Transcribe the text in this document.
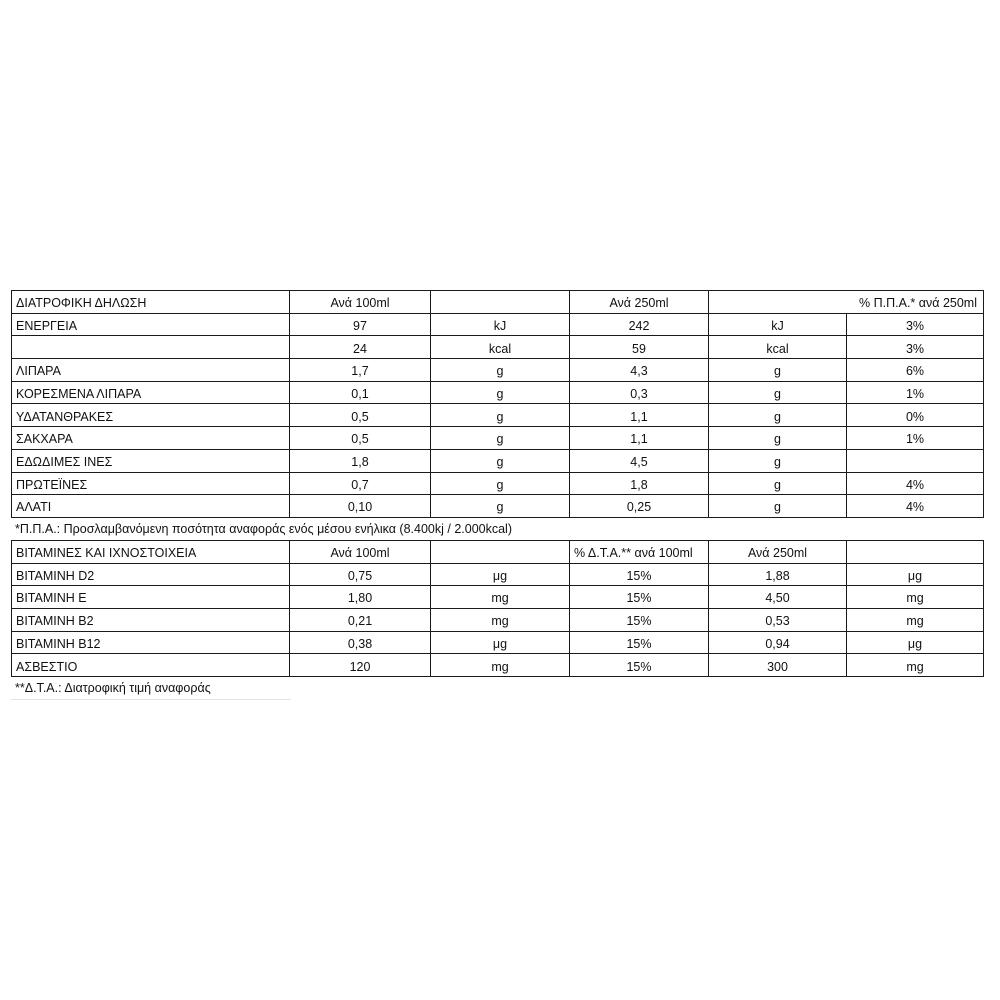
ΔΙΑΤΡΟΦΙΚΗ ΔΗΛΩΣΗ	Ανά 100ml		Ανά 250ml	% Π.Π.Α.* ανά 250ml	
ΕΝΕΡΓΕΙΑ	97	kJ	242	kJ	3%
	24	kcal	59	kcal	3%
ΛΙΠΑΡΑ	1,7	g	4,3	g	6%
ΚΟΡΕΣΜΕΝΑ ΛΙΠΑΡΑ	0,1	g	0,3	g	1%
ΥΔΑΤΑΝΘΡΑΚΕΣ	0,5	g	1,1	g	0%
ΣΑΚΧΑΡΑ	0,5	g	1,1	g	1%
ΕΔΩΔΙΜΕΣ ΙΝΕΣ	1,8	g	4,5	g	
ΠΡΩΤΕΪΝΕΣ	0,7	g	1,8	g	4%
ΑΛΑΤΙ	0,10	g	0,25	g	4%
*Π.Π.Α.: Προσλαμβανόμενη ποσότητα αναφοράς ενός μέσου ενήλικα (8.400kj / 2.000kcal)
ΒΙΤΑΜΙΝΕΣ ΚΑΙ ΙΧΝΟΣΤΟΙΧΕΙΑ	Ανά 100ml		% Δ.Τ.Α.** ανά 100ml	Ανά 250ml	
ΒΙΤΑΜΙΝΗ D2	0,75	μg	15%	1,88	μg
ΒΙΤΑΜΙΝΗ Ε	1,80	mg	15%	4,50	mg
ΒΙΤΑΜΙΝΗ Β2	0,21	mg	15%	0,53	mg
ΒΙΤΑΜΙΝΗ Β12	0,38	μg	15%	0,94	μg
ΑΣΒΕΣΤΙΟ	120	mg	15%	300	mg
**Δ.Τ.Α.: Διατροφική τιμή αναφοράς
